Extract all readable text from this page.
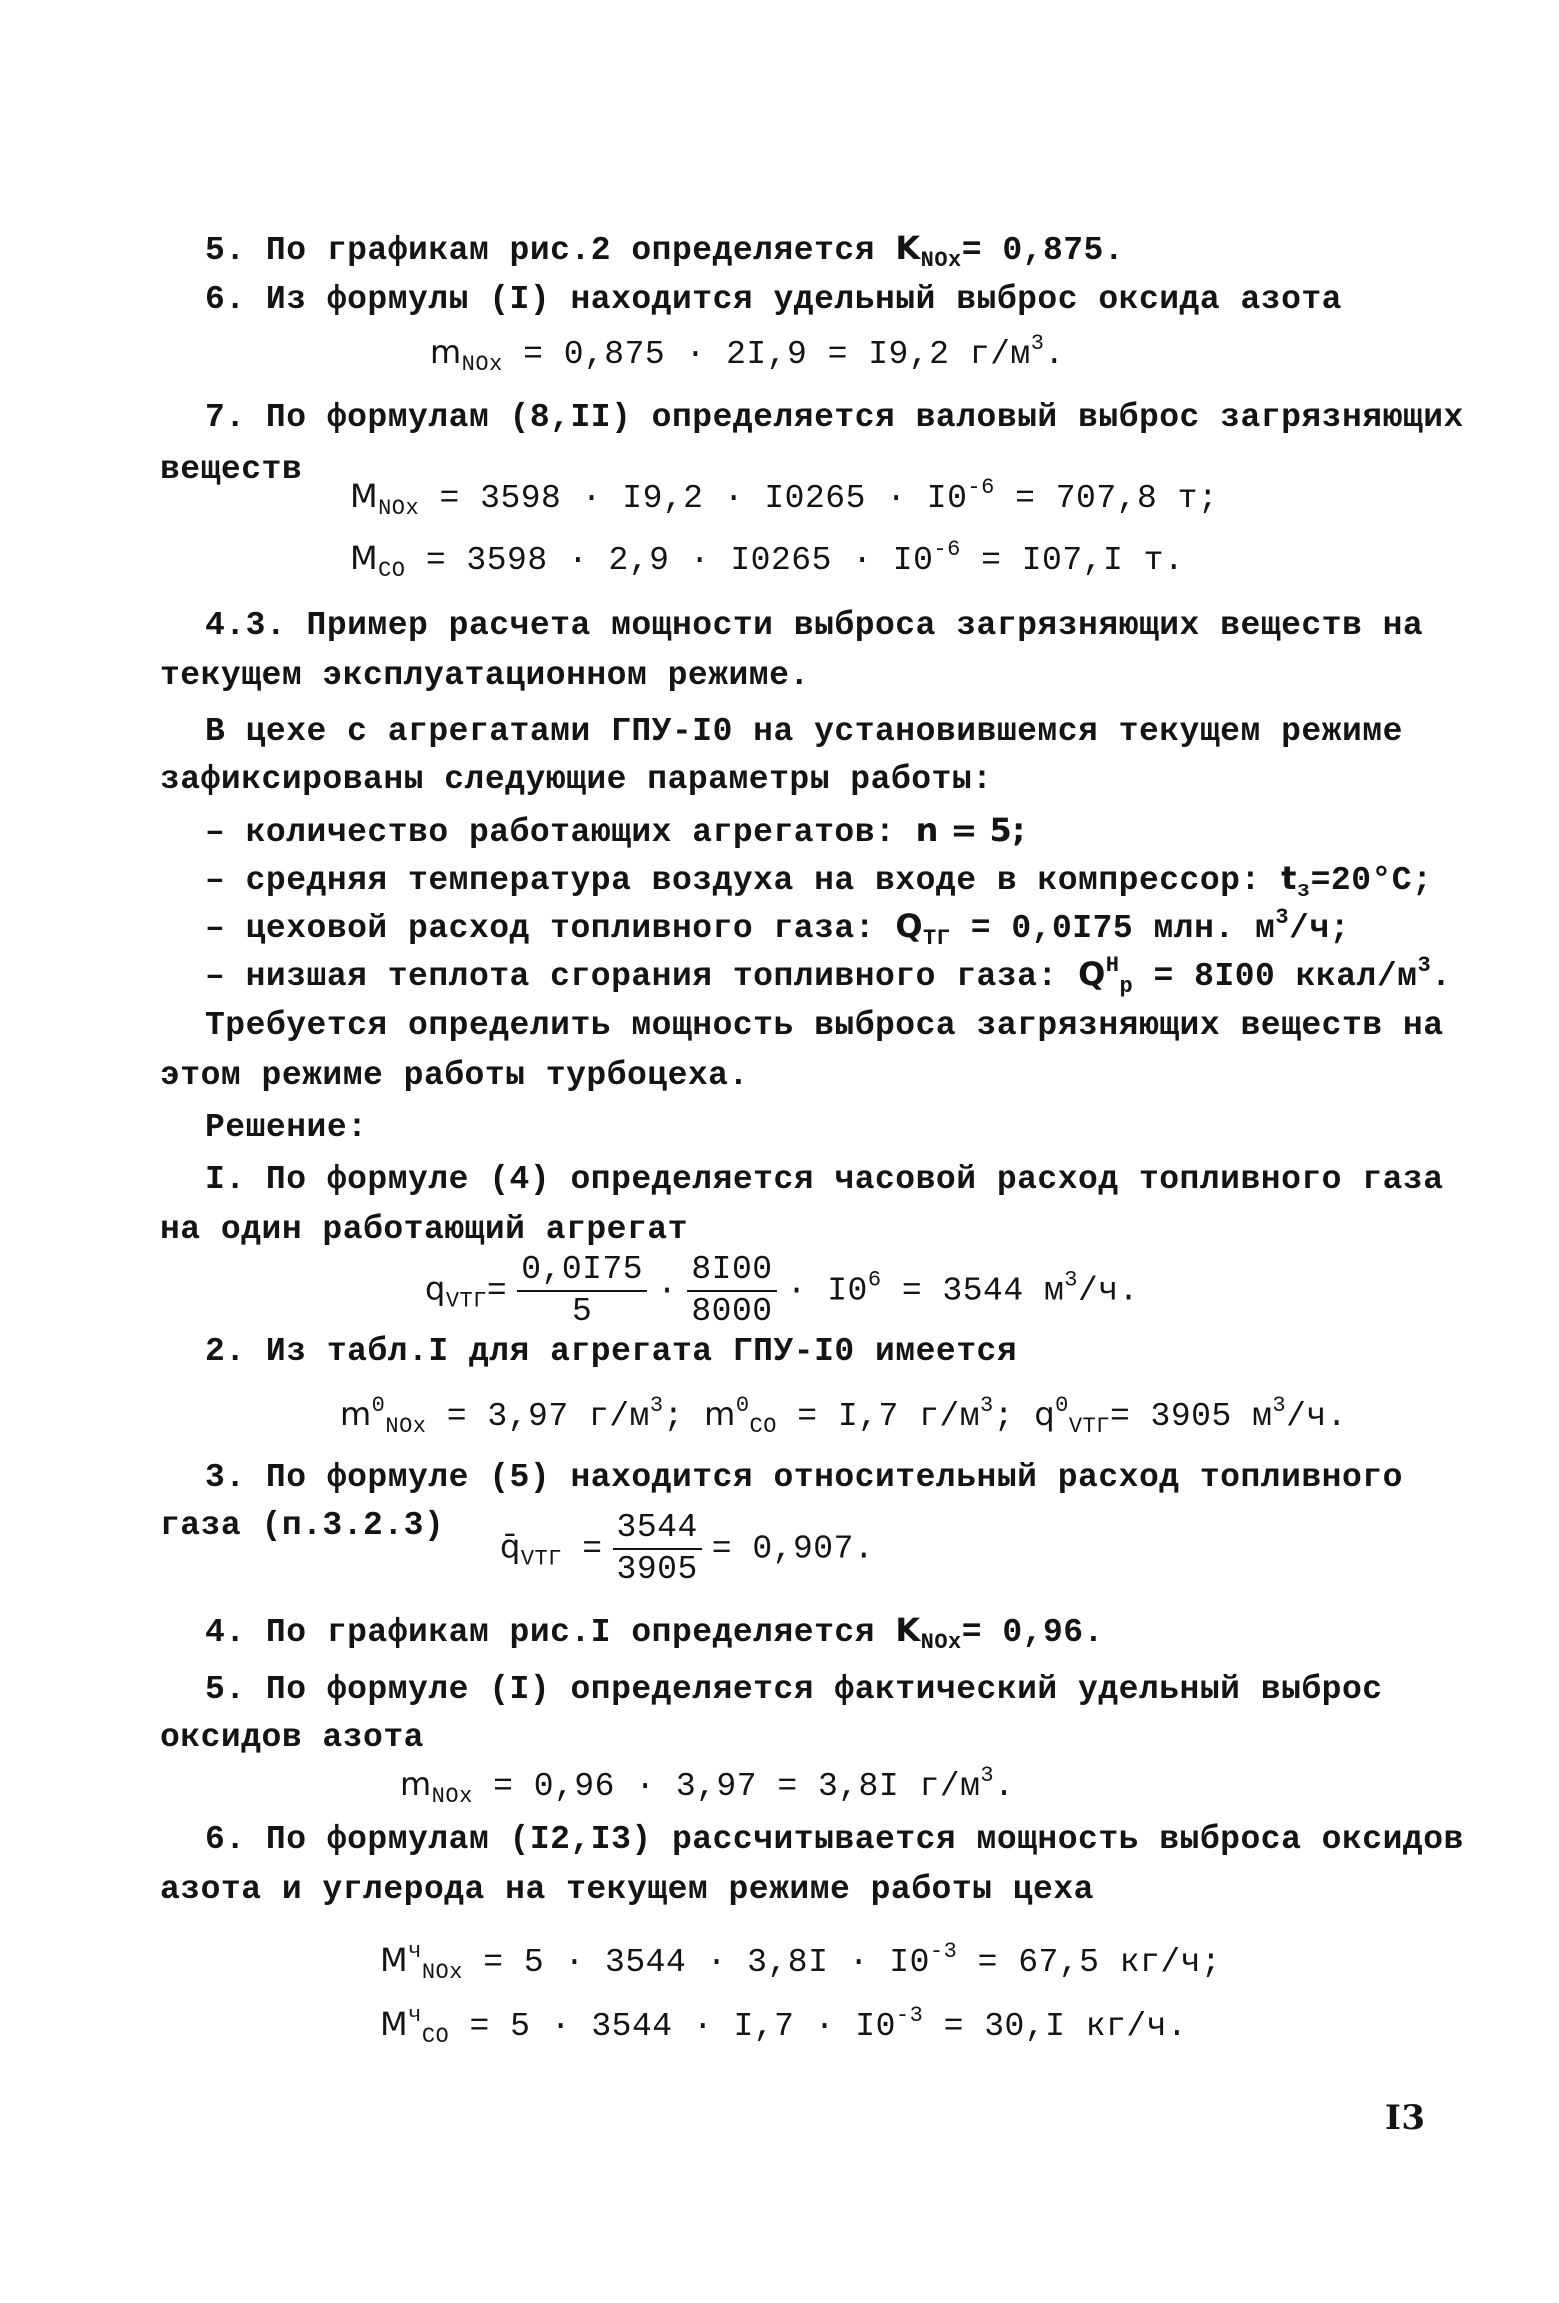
5. По графикам рис.2 определяется $K_{NOx}= 0,875$.
6. Из формулы (I) находится удельный выброс оксида азота
$m_{NOx} = 0,875 \cdot 2I,9 = I9,2$ $г/м^3$.
7. По формулам (8,II) определяется валовый выброс загрязняющих
веществ
$M_{NOx} = 3598 \cdot I9,2 \cdot I0265 \cdot I0^{-6} = 707,8$ т;
$M_{CO} = 3598 \cdot 2,9 \cdot I0265 \cdot I0^{-6} = I07,I$ т.
4.3. Пример расчета мощности выброса загрязняющих веществ на
текущем эксплуатационном режиме.
В цехе с агрегатами ГПУ-I0 на установившемся текущем режиме
зафиксированы следующие параметры работы:
– количество работающих агрегатов: n = 5;
– средняя температура воздуха на входе в компрессор: $t_з=20^\circ С$;
– цеховой расход топливного газа: $Q_{ТГ} = 0,0I75$ млн. $м^3/ч$;
– низшая теплота сгорания топливного газа: $Q^Н_р = 8I00$ ккал/$м^3$.
Требуется определить мощность выброса загрязняющих веществ на
этом режиме работы турбоцеха.
Решение:
I. По формуле (4) определяется часовой расход топливного газа
на один работающий агрегат
$q_{VТГ}= \frac{0,0I75}{5} \cdot \frac{8I00}{8000} \cdot I0^6 = 3544$ $м^3/ч$.
2. Из табл.I для агрегата ГПУ-I0 имеется
$m^0_{NOx} = 3,97$ $г/м^3$; $m^0_{CO} = I,7$ $г/м^3$; $q^0_{VТГ}= 3905$ $м^3/ч$.
3. По формуле (5) находится относительный расход топливного
газа (п.3.2.3)
$q̄_{VТГ} = \frac{3544}{3905} = 0,907$.
4. По графикам рис.I определяется $K_{NOx}= 0,96$.
5. По формуле (I) определяется фактический удельный выброс
оксидов азота
$m_{NOx} = 0,96 \cdot 3,97 = 3,8I$ $г/м^3$.
6. По формулам (I2,I3) рассчитывается мощность выброса оксидов
азота и углерода на текущем режиме работы цеха
$M^ч_{NOx} = 5 \cdot 3544 \cdot 3,8I \cdot I0^{-3} = 67,5$ кг/ч;
$M^ч_{CO} = 5 \cdot 3544 \cdot I,7 \cdot I0^{-3} = 30,I$ кг/ч.
I3
